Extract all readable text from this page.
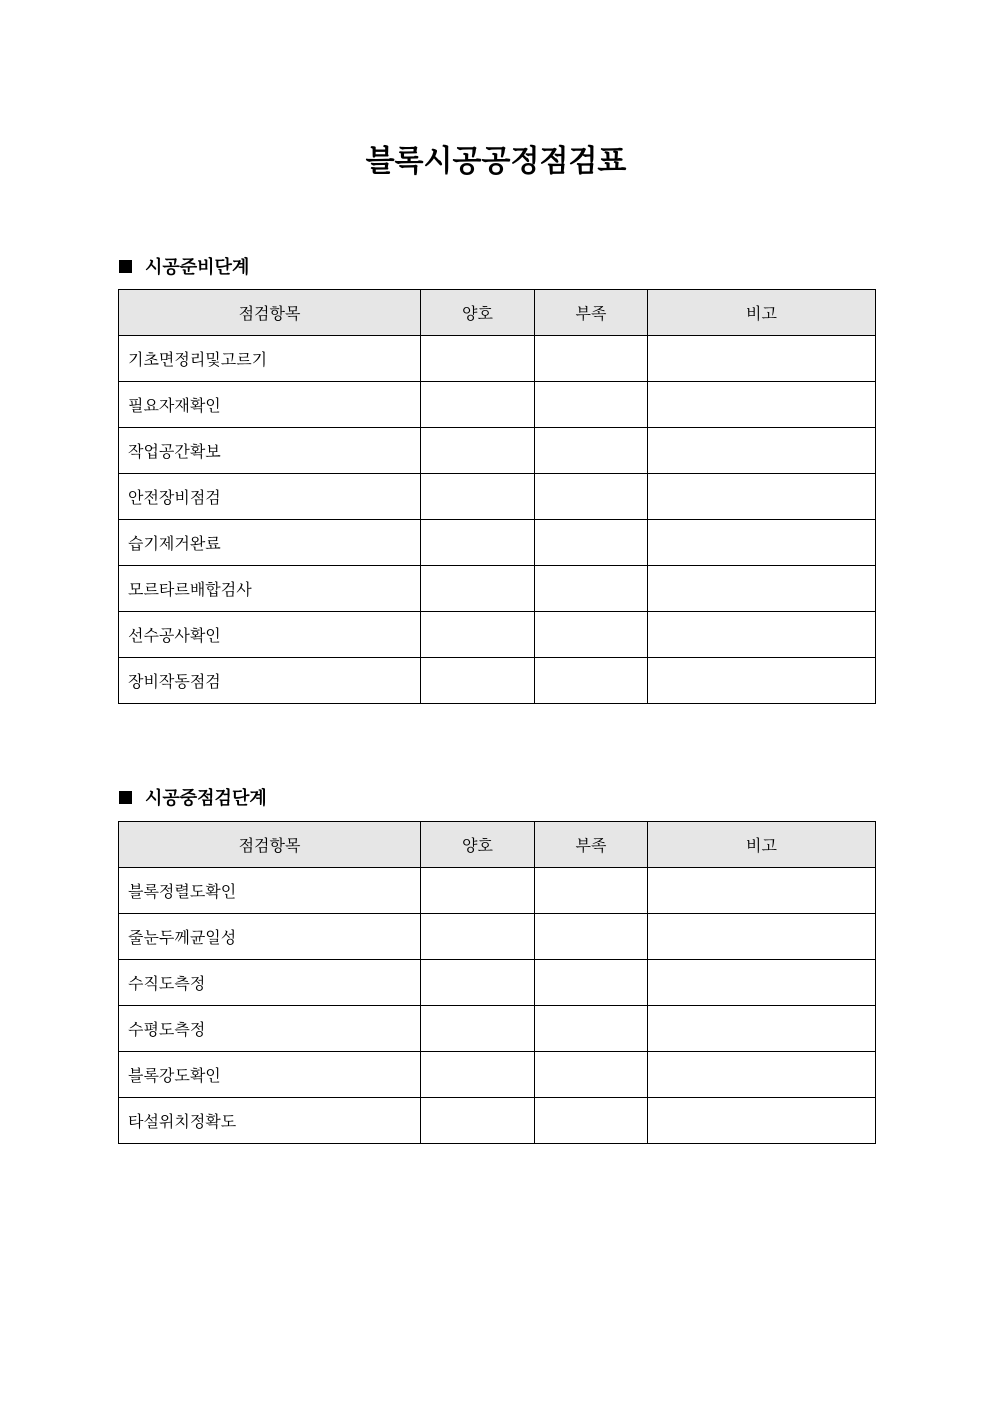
블록시공공정점검표
시공준비단계
점검항목	양호	부족	비고
기초면정리및고르기			
필요자재확인			
작업공간확보			
안전장비점검			
습기제거완료			
모르타르배합검사			
선수공사확인			
장비작동점검			
시공중점검단계
점검항목	양호	부족	비고
블록정렬도확인			
줄눈두께균일성			
수직도측정			
수평도측정			
블록강도확인			
타설위치정확도			
